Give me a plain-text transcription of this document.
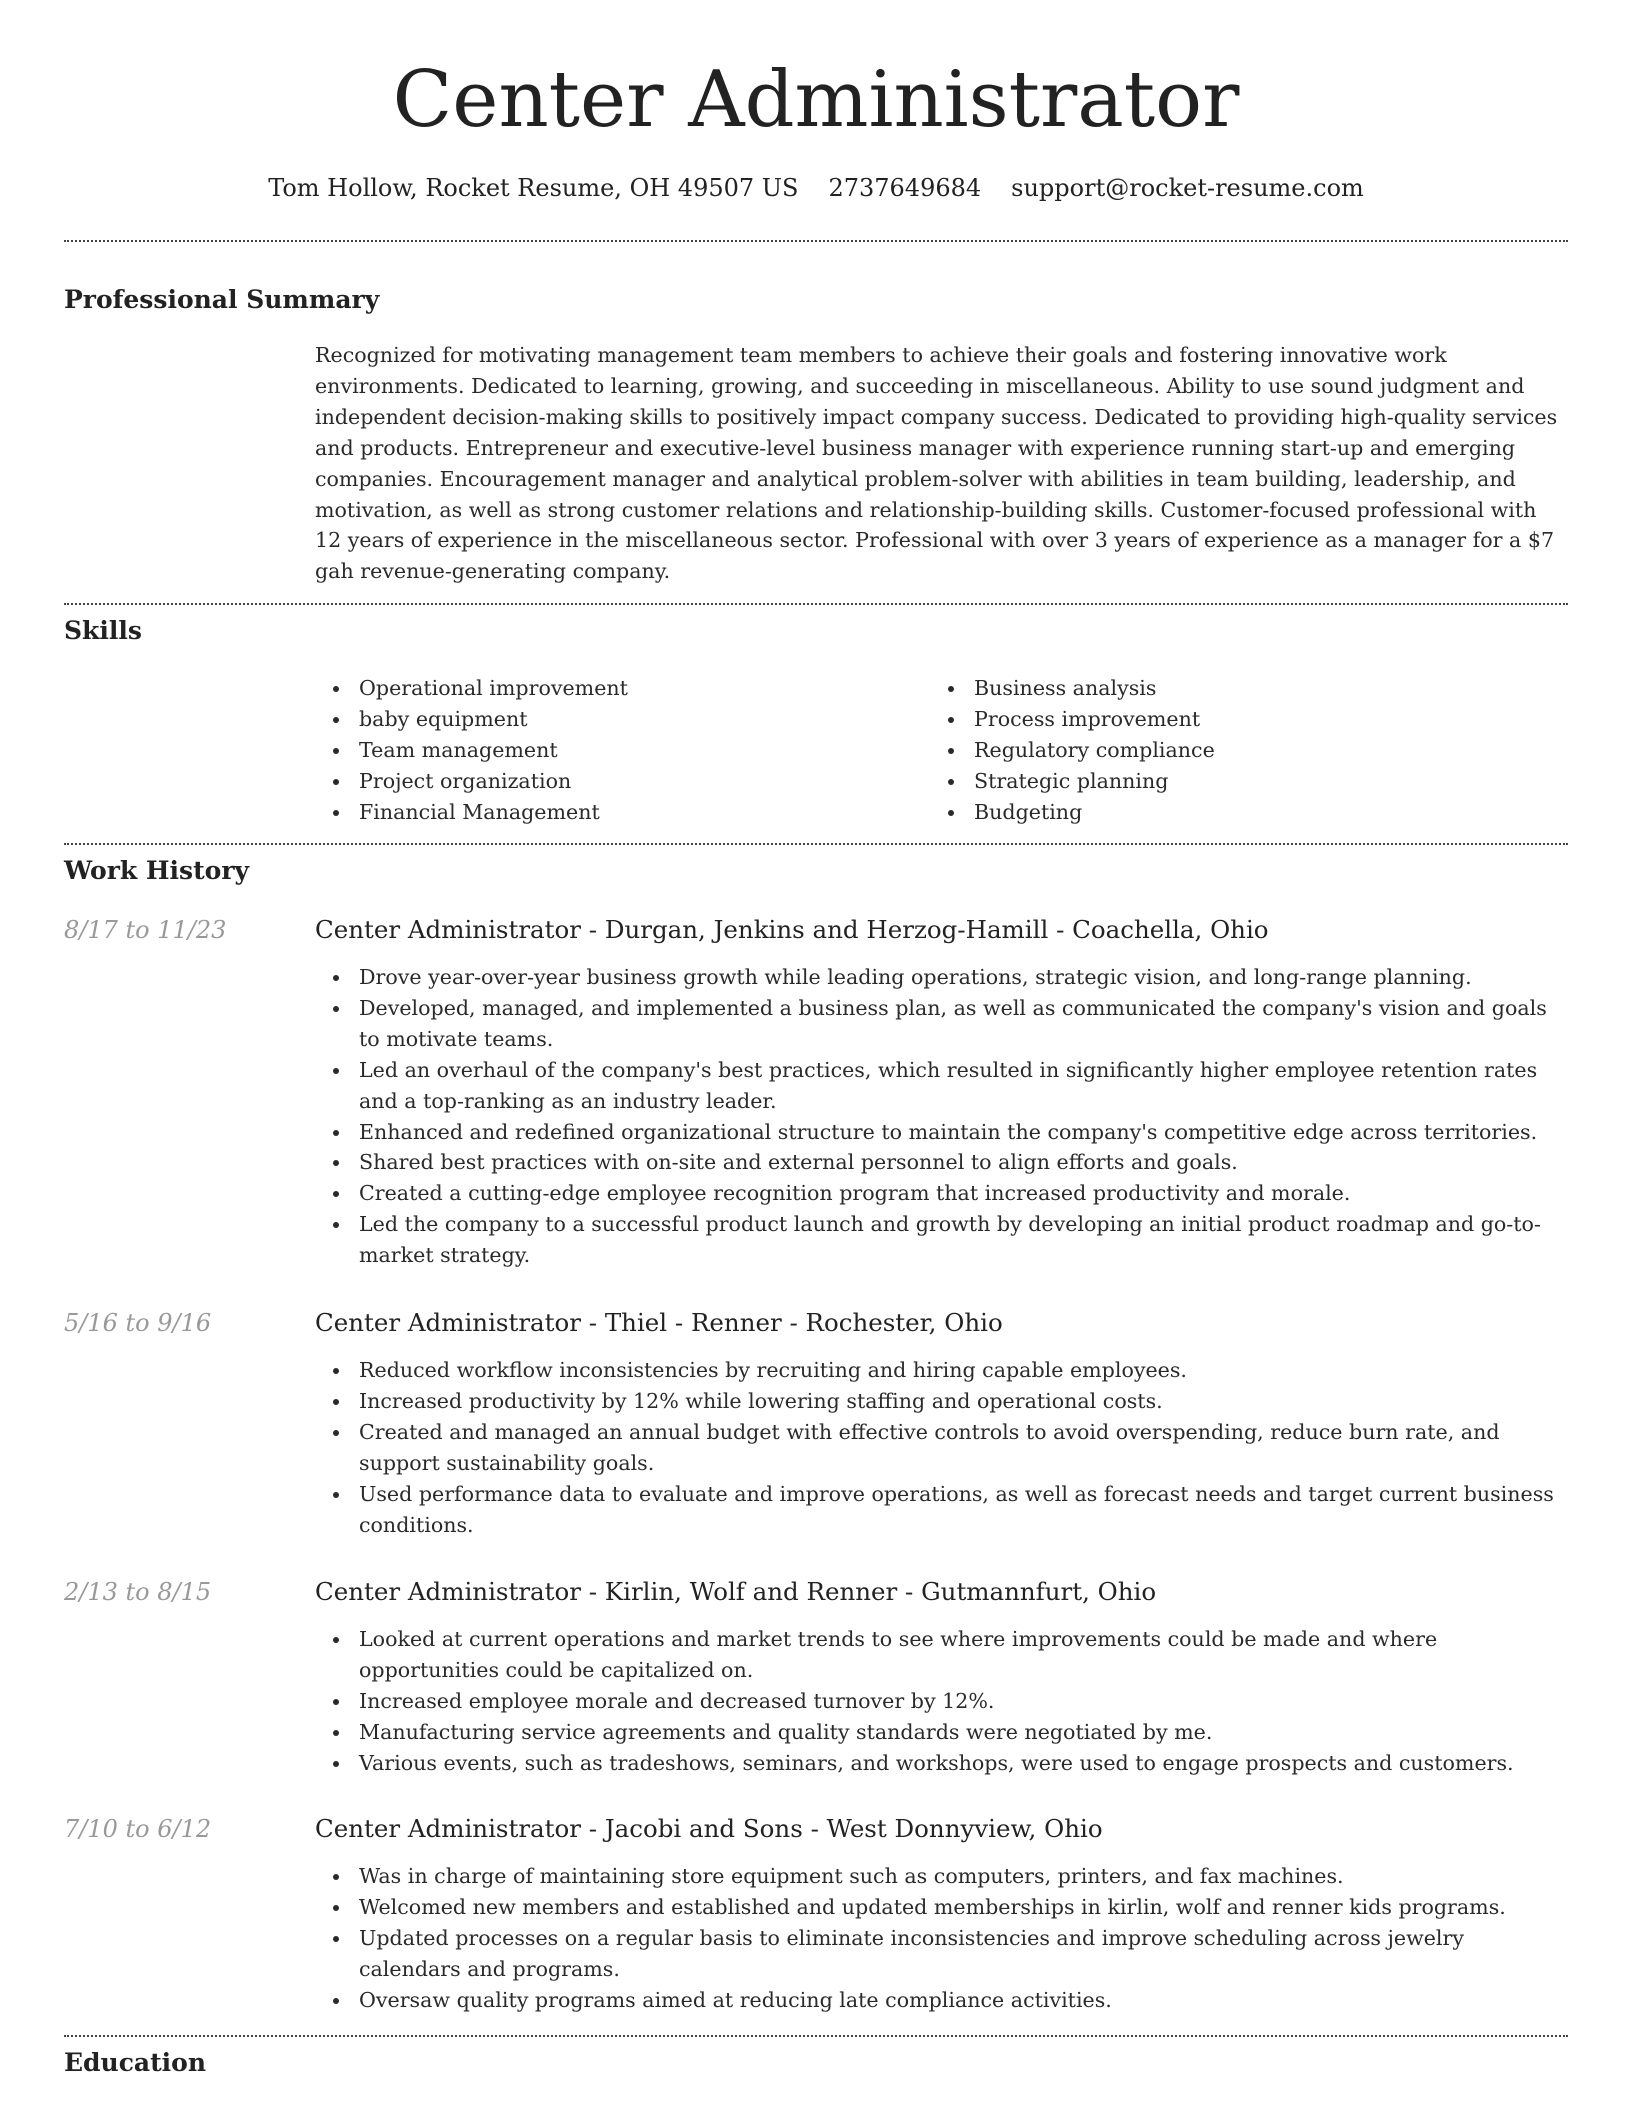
Center Administrator
Tom Hollow, Rocket Resume, OH 49507 US 2737649684 support@rocket-resume.com
Professional Summary

Recognized for motivating management team members to achieve their goals and fostering innovative work environments. Dedicated to learning, growing, and succeeding in miscellaneous. Ability to use sound judgment and independent decision-making skills to positively impact company success. Dedicated to providing high-quality services and products. Entrepreneur and executive-level business manager with experience running start-up and emerging companies. Encouragement manager and analytical problem-solver with abilities in team building, leadership, and motivation, as well as strong customer relations and relationship-building skills. Customer-focused professional with 12 years of experience in the miscellaneous sector. Professional with over 3 years of experience as a manager for a $7 gah revenue-generating company.

Skills
Operational improvement
baby equipment
Team management
Project organization
Financial Management
Business analysis
Process improvement
Regulatory compliance
Strategic planning
Budgeting
Work History
8/17 to 11/23	Center Administrator - Durgan, Jenkins and Herzog-Hamill - Coachella, Ohio
Drove year-over-year business growth while leading operations, strategic vision, and long-range planning.
Developed, managed, and implemented a business plan, as well as communicated the company's vision and goals to motivate teams.
Led an overhaul of the company's best practices, which resulted in significantly higher employee retention rates and a top-ranking as an industry leader.
Enhanced and redefined organizational structure to maintain the company's competitive edge across territories.
Shared best practices with on-site and external personnel to align efforts and goals.
Created a cutting-edge employee recognition program that increased productivity and morale.
Led the company to a successful product launch and growth by developing an initial product roadmap and go-to-market strategy.
5/16 to 9/16	Center Administrator - Thiel - Renner - Rochester, Ohio
Reduced workflow inconsistencies by recruiting and hiring capable employees.
Increased productivity by 12% while lowering staffing and operational costs.
Created and managed an annual budget with effective controls to avoid overspending, reduce burn rate, and support sustainability goals.
Used performance data to evaluate and improve operations, as well as forecast needs and target current business conditions.
2/13 to 8/15	Center Administrator - Kirlin, Wolf and Renner - Gutmannfurt, Ohio
Looked at current operations and market trends to see where improvements could be made and where opportunities could be capitalized on.
Increased employee morale and decreased turnover by 12%.
Manufacturing service agreements and quality standards were negotiated by me.
Various events, such as tradeshows, seminars, and workshops, were used to engage prospects and customers.
7/10 to 6/12	Center Administrator - Jacobi and Sons - West Donnyview, Ohio
Was in charge of maintaining store equipment such as computers, printers, and fax machines.
Welcomed new members and established and updated memberships in kirlin, wolf and renner kids programs.
Updated processes on a regular basis to eliminate inconsistencies and improve scheduling across jewelry calendars and programs.
Oversaw quality programs aimed at reducing late compliance activities.
Education
